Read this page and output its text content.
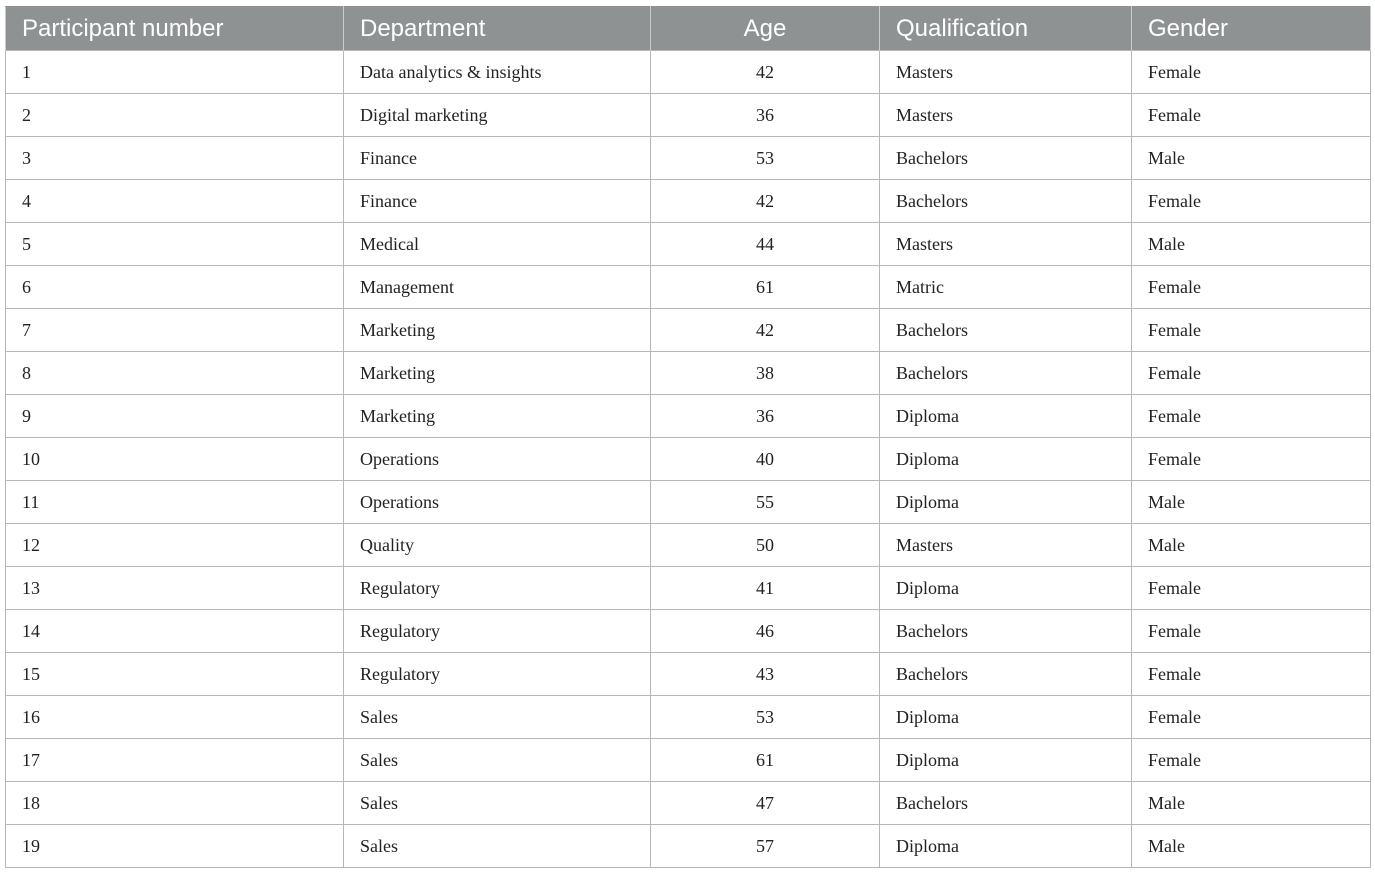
Participant number	Department	Age	Qualification	Gender
1	Data analytics & insights	42	Masters	Female
2	Digital marketing	36	Masters	Female
3	Finance	53	Bachelors	Male
4	Finance	42	Bachelors	Female
5	Medical	44	Masters	Male
6	Management	61	Matric	Female
7	Marketing	42	Bachelors	Female
8	Marketing	38	Bachelors	Female
9	Marketing	36	Diploma	Female
10	Operations	40	Diploma	Female
11	Operations	55	Diploma	Male
12	Quality	50	Masters	Male
13	Regulatory	41	Diploma	Female
14	Regulatory	46	Bachelors	Female
15	Regulatory	43	Bachelors	Female
16	Sales	53	Diploma	Female
17	Sales	61	Diploma	Female
18	Sales	47	Bachelors	Male
19	Sales	57	Diploma	Male
